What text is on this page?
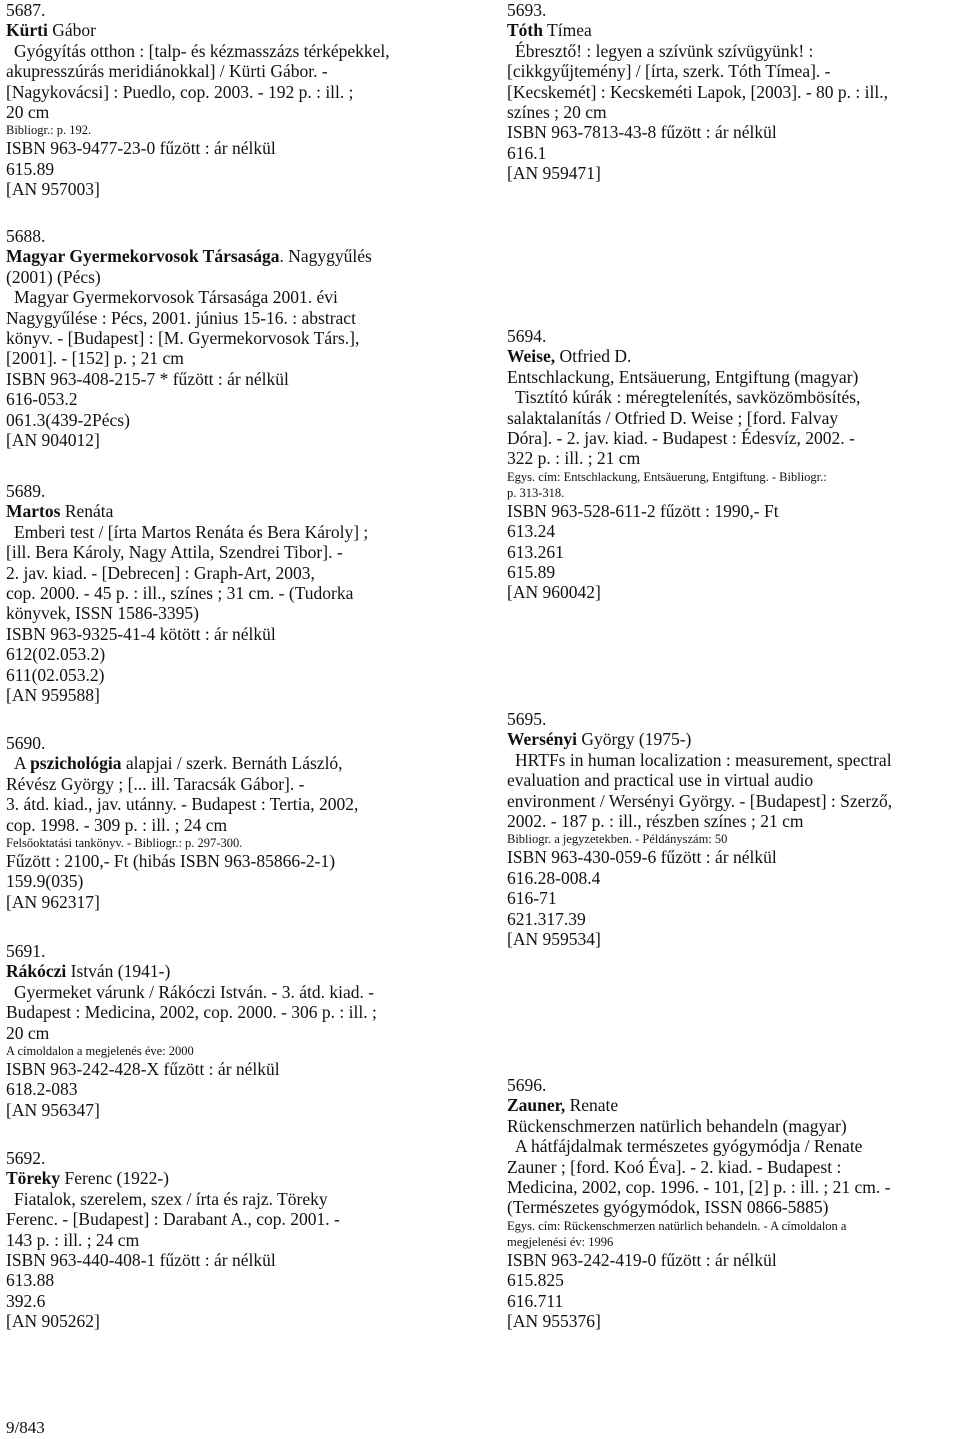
5687.
Kürti Gábor
Gyógyítás otthon : [talp- és kézmasszázs térképekkel,
akupresszúrás meridiánokkal] / Kürti Gábor. -
[Nagykovácsi] : Puedlo, cop. 2003. - 192 p. : ill. ;
20 cm
Bibliogr.: p. 192.
ISBN 963-9477-23-0 fűzött : ár nélkül
615.89
[AN 957003]
5688.
Magyar Gyermekorvosok Társasága. Nagygyűlés
(2001) (Pécs)
Magyar Gyermekorvosok Társasága 2001. évi
Nagygyűlése : Pécs, 2001. június 15-16. : abstract
könyv. - [Budapest] : [M. Gyermekorvosok Társ.],
[2001]. - [152] p. ; 21 cm
ISBN 963-408-215-7 * fűzött : ár nélkül
616-053.2
061.3(439-2Pécs)
[AN 904012]
5689.
Martos Renáta
Emberi test / [írta Martos Renáta és Bera Károly] ;
[ill. Bera Károly, Nagy Attila, Szendrei Tibor]. -
2. jav. kiad. - [Debrecen] : Graph-Art, 2003,
cop. 2000. - 45 p. : ill., színes ; 31 cm. - (Tudorka
könyvek, ISSN 1586-3395)
ISBN 963-9325-41-4 kötött : ár nélkül
612(02.053.2)
611(02.053.2)
[AN 959588]
5690.
A pszichológia alapjai / szerk. Bernáth László,
Révész György ; [... ill. Taracsák Gábor]. -
3. átd. kiad., jav. utánny. - Budapest : Tertia, 2002,
cop. 1998. - 309 p. : ill. ; 24 cm
Felsőoktatási tankönyv. - Bibliogr.: p. 297-300.
Fűzött : 2100,- Ft (hibás ISBN 963-85866-2-1)
159.9(035)
[AN 962317]
5691.
Rákóczi István (1941-)
Gyermeket várunk / Rákóczi István. - 3. átd. kiad. -
Budapest : Medicina, 2002, cop. 2000. - 306 p. : ill. ;
20 cm
A címoldalon a megjelenés éve: 2000
ISBN 963-242-428-X fűzött : ár nélkül
618.2-083
[AN 956347]
5692.
Töreky Ferenc (1922-)
Fiatalok, szerelem, szex / írta és rajz. Töreky
Ferenc. - [Budapest] : Darabant A., cop. 2001. -
143 p. : ill. ; 24 cm
ISBN 963-440-408-1 fűzött : ár nélkül
613.88
392.6
[AN 905262]
5693.
Tóth Tímea
Ébresztő! : legyen a szívünk szívügyünk! :
[cikkgyűjtemény] / [írta, szerk. Tóth Tímea]. -
[Kecskemét] : Kecskeméti Lapok, [2003]. - 80 p. : ill.,
színes ; 20 cm
ISBN 963-7813-43-8 fűzött : ár nélkül
616.1
[AN 959471]
5694.
Weise, Otfried D.
Entschlackung, Entsäuerung, Entgiftung (magyar)
Tisztító kúrák : méregtelenítés, savközömbösítés,
salaktalanítás / Otfried D. Weise ; [ford. Falvay
Dóra]. - 2. jav. kiad. - Budapest : Édesvíz, 2002. -
322 p. : ill. ; 21 cm
Egys. cím: Entschlackung, Entsäuerung, Entgiftung. - Bibliogr.:
p. 313-318.
ISBN 963-528-611-2 fűzött : 1990,- Ft
613.24
613.261
615.89
[AN 960042]
5695.
Wersényi György (1975-)
HRTFs in human localization : measurement, spectral
evaluation and practical use in virtual audio
environment / Wersényi György. - [Budapest] : Szerző,
2002. - 187 p. : ill., részben színes ; 21 cm
Bibliogr. a jegyzetekben. - Példányszám: 50
ISBN 963-430-059-6 fűzött : ár nélkül
616.28-008.4
616-71
621.317.39
[AN 959534]
5696.
Zauner, Renate
Rückenschmerzen natürlich behandeln (magyar)
A hátfájdalmak természetes gyógymódja / Renate
Zauner ; [ford. Koó Éva]. - 2. kiad. - Budapest :
Medicina, 2002, cop. 1996. - 101, [2] p. : ill. ; 21 cm. -
(Természetes gyógymódok, ISSN 0866-5885)
Egys. cím: Rückenschmerzen natürlich behandeln. - A címoldalon a
megjelenési év: 1996
ISBN 963-242-419-0 fűzött : ár nélkül
615.825
616.711
[AN 955376]
9/843
